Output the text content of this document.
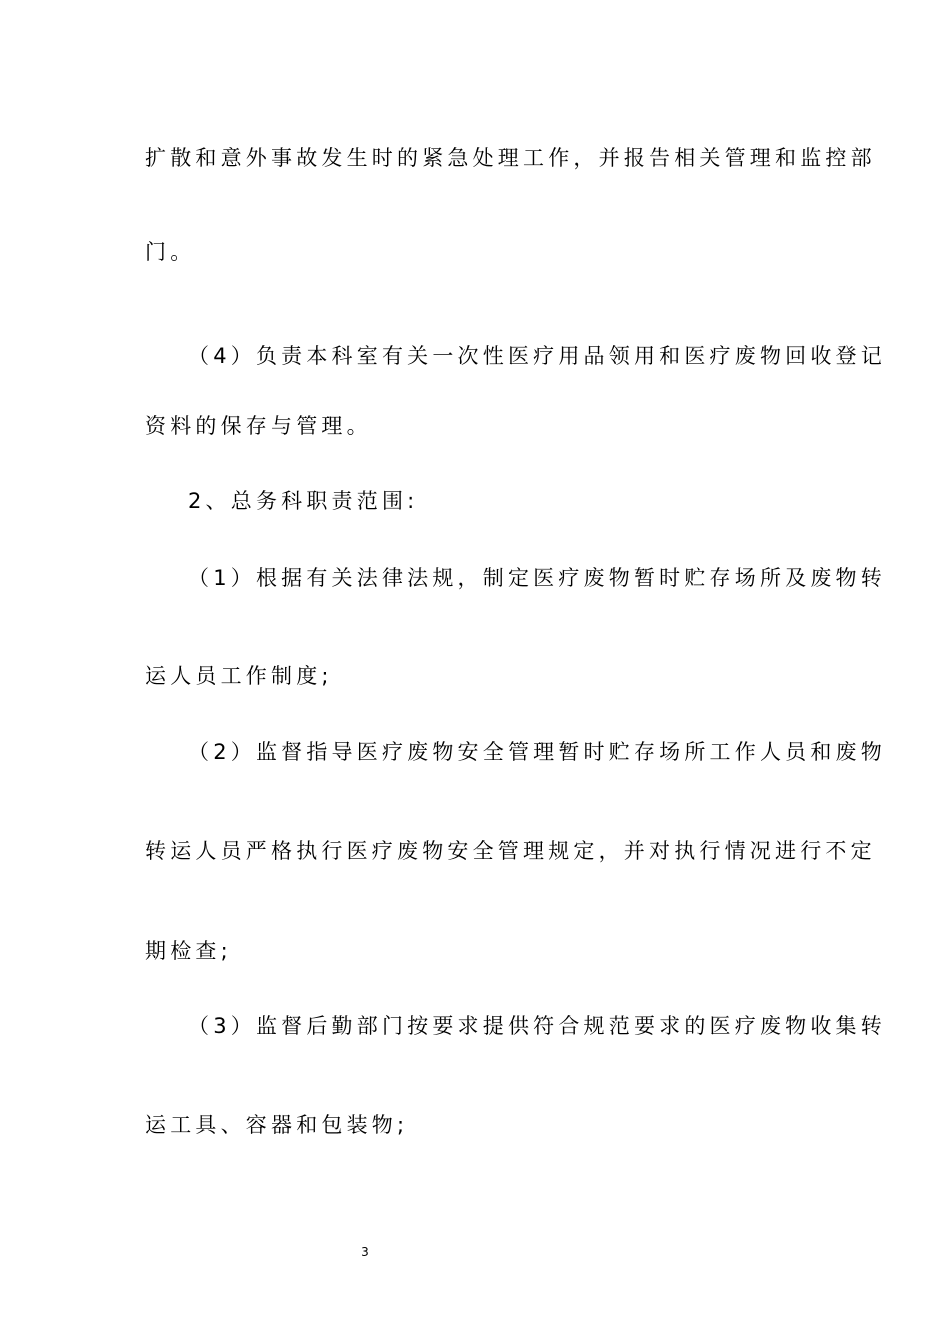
扩散和意外事故发生时的紧急处理工作，并报告相关管理和监控部
门。
（4）负责本科室有关一次性医疗用品领用和医疗废物回收登记
资料的保存与管理。
2、总务科职责范围:
（1）根据有关法律法规，制定医疗废物暂时贮存场所及废物转
运人员工作制度;
（2）监督指导医疗废物安全管理暂时贮存场所工作人员和废物
转运人员严格执行医疗废物安全管理规定，并对执行情况进行不定
期检查;
（3）监督后勤部门按要求提供符合规范要求的医疗废物收集转
运工具、容器和包装物;
3
